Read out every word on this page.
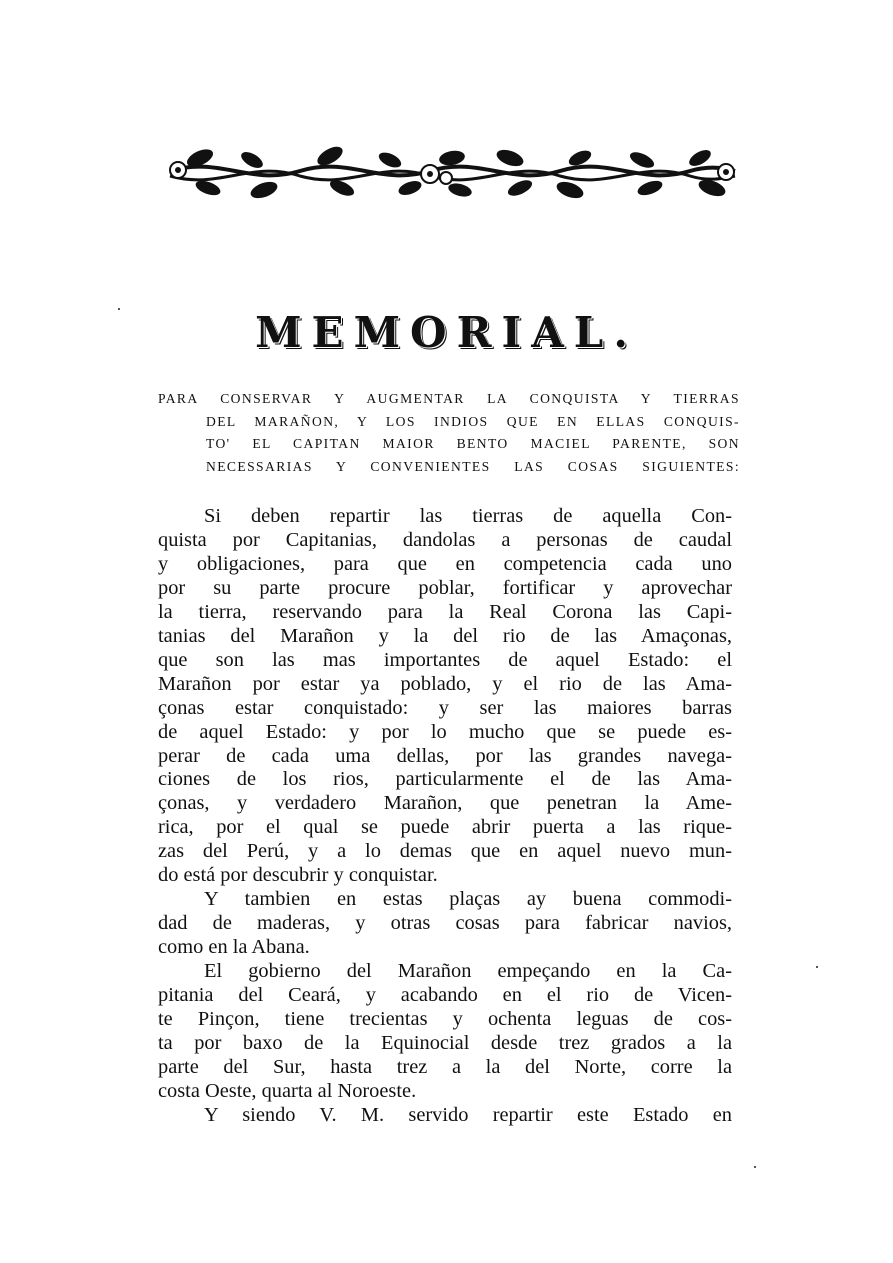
MEMORIAL.
PARA CONSERVAR Y AUGMENTAR LA CONQUISTA Y TIERRAS
DEL MARAÑON, Y LOS INDIOS QUE EN ELLAS CONQUIS-
TO' EL CAPITAN MAIOR BENTO MACIEL PARENTE, SON
NECESSARIAS Y CONVENIENTES LAS COSAS SIGUIENTES:
Si deben repartir las tierras de aquella Con-
quista por Capitanias, dandolas a personas de caudal
y obligaciones, para que en competencia cada uno
por su parte procure poblar, fortificar y aprovechar
la tierra, reservando para la Real Corona las Capi-
tanias del Marañon y la del rio de las Amaçonas,
que son las mas importantes de aquel Estado: el
Marañon por estar ya poblado, y el rio de las Ama-
çonas estar conquistado: y ser las maiores barras
de aquel Estado: y por lo mucho que se puede es-
perar de cada uma dellas, por las grandes navega-
ciones de los rios, particularmente el de las Ama-
çonas, y verdadero Marañon, que penetran la Ame-
rica, por el qual se puede abrir puerta a las rique-
zas del Perú, y a lo demas que en aquel nuevo mun-
do está por descubrir y conquistar.
Y tambien en estas plaças ay buena commodi-
dad de maderas, y otras cosas para fabricar navios,
como en la Abana.
El gobierno del Marañon empeçando en la Ca-
pitania del Ceará, y acabando en el rio de Vicen-
te Pinçon, tiene trecientas y ochenta leguas de cos-
ta por baxo de la Equinocial desde trez grados a la
parte del Sur, hasta trez a la del Norte, corre la
costa Oeste, quarta al Noroeste.
Y siendo V. M. servido repartir este Estado en
